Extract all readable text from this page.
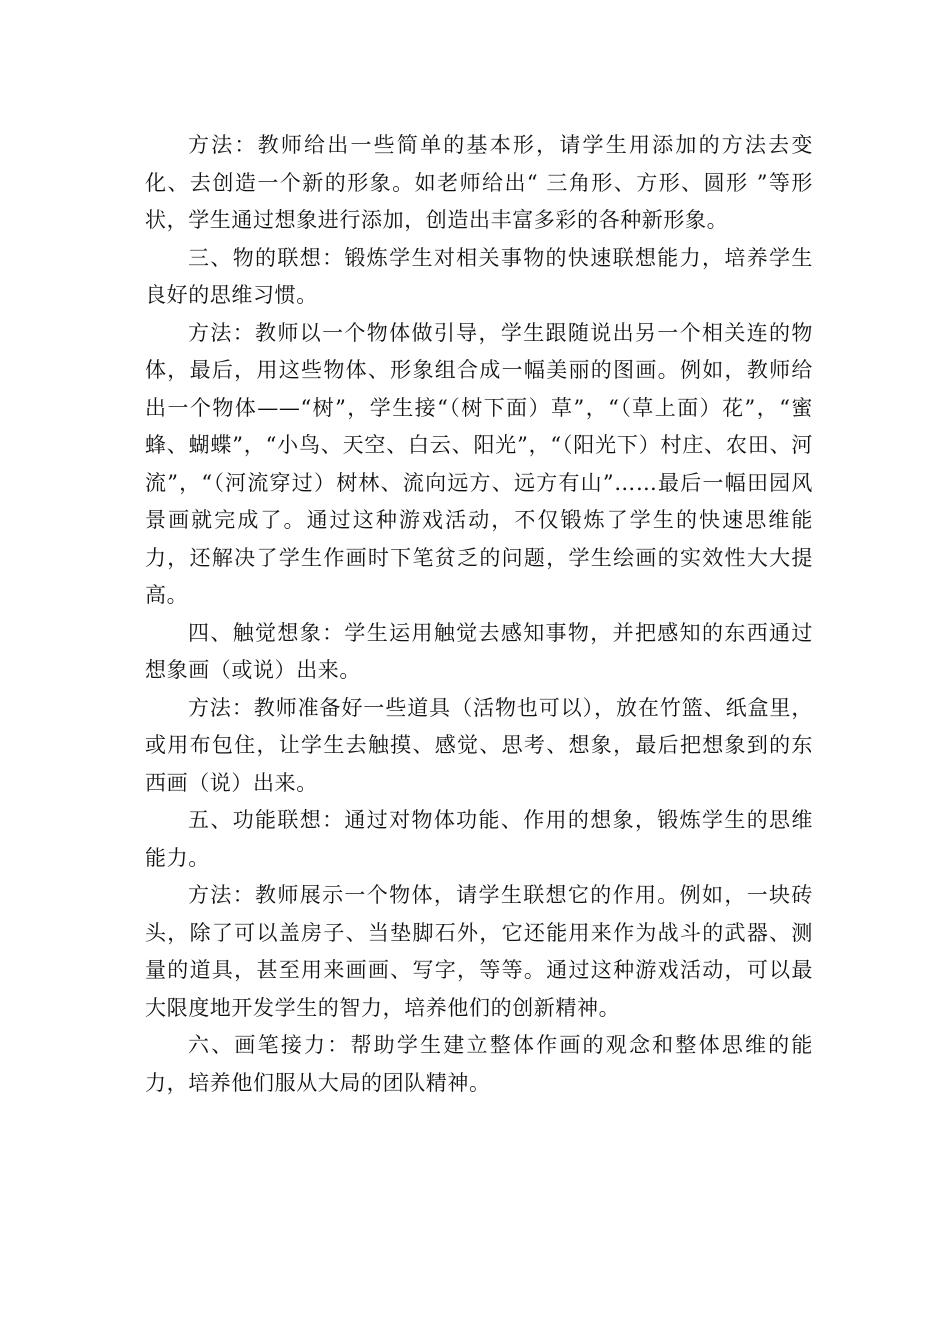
方法：教师给出一些简单的基本形，请学生用添加的方法去变化、去创造一个新的形象。如老师给出“ 三角形、方形、圆形 ”等形状，学生通过想象进行添加，创造出丰富多彩的各种新形象。

三、物的联想：锻炼学生对相关事物的快速联想能力，培养学生良好的思维习惯。

方法：教师以一个物体做引导，学生跟随说出另一个相关连的物体，最后，用这些物体、形象组合成一幅美丽的图画。例如，教师给出一个物体——“树”，学生接“（树下面）草”，“（草上面）花”，“蜜蜂、蝴蝶”，“小鸟、天空、白云、阳光”，“（阳光下）村庄、农田、河流”，“（河流穿过）树林、流向远方、远方有山”……最后一幅田园风景画就完成了。通过这种游戏活动，不仅锻炼了学生的快速思维能力，还解决了学生作画时下笔贫乏的问题，学生绘画的实效性大大提高。

四、触觉想象：学生运用触觉去感知事物，并把感知的东西通过想象画（或说）出来。

方法：教师准备好一些道具（活物也可以），放在竹篮、纸盒里，或用布包住，让学生去触摸、感觉、思考、想象，最后把想象到的东西画（说）出来。

五、功能联想：通过对物体功能、作用的想象，锻炼学生的思维能力。

方法：教师展示一个物体，请学生联想它的作用。例如，一块砖头，除了可以盖房子、当垫脚石外，它还能用来作为战斗的武器、测量的道具，甚至用来画画、写字，等等。通过这种游戏活动，可以最大限度地开发学生的智力，培养他们的创新精神。

六、画笔接力：帮助学生建立整体作画的观念和整体思维的能力，培养他们服从大局的团队精神。
